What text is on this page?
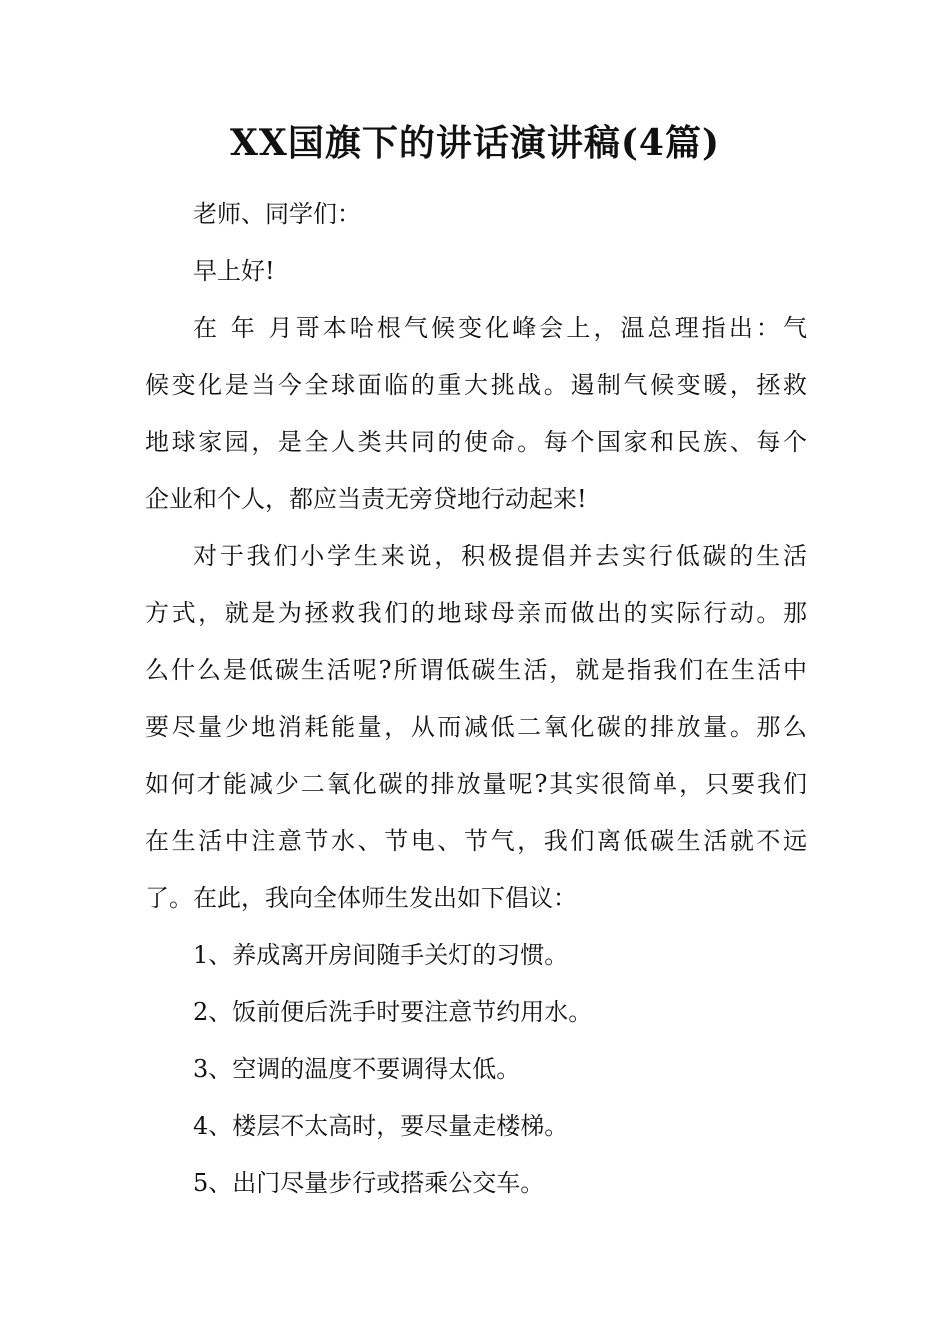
XX国旗下的讲话演讲稿(4篇)
老师、同学们：
早上好!
在 年 月哥本哈根气候变化峰会上，温总理指出：气
候变化是当今全球面临的重大挑战。遏制气候变暖，拯救
地球家园，是全人类共同的使命。每个国家和民族、每个
企业和个人，都应当责无旁贷地行动起来!
对于我们小学生来说，积极提倡并去实行低碳的生活
方式，就是为拯救我们的地球母亲而做出的实际行动。那
么什么是低碳生活呢?所谓低碳生活，就是指我们在生活中
要尽量少地消耗能量，从而减低二氧化碳的排放量。那么
如何才能减少二氧化碳的排放量呢?其实很简单，只要我们
在生活中注意节水、节电、节气，我们离低碳生活就不远
了。在此，我向全体师生发出如下倡议：
1、养成离开房间随手关灯的习惯。
2、饭前便后洗手时要注意节约用水。
3、空调的温度不要调得太低。
4、楼层不太高时，要尽量走楼梯。
5、出门尽量步行或搭乘公交车。
